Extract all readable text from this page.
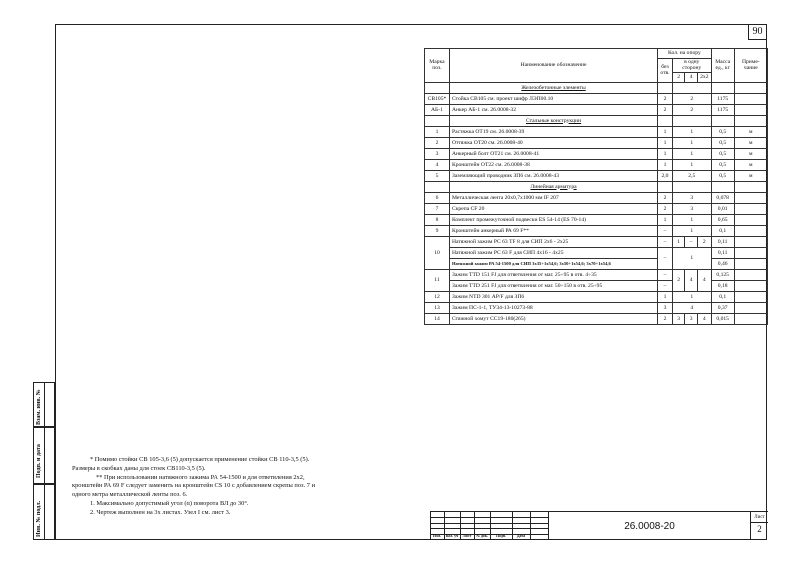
90
Взам. инв. №
Подп. и дата
Инв. № подл.
Марка поз.	Наименование обозначение	Кол. на опору				Масса ед., кг	Приме-чание
		без отв.	в одну сторону				
			2	4	2х2		
	Железобетонные элементы						
СВ105*	Стойка СВ105 см. проект шифр ЛЭП00.10	2	2			1175	
АБ-1	Анкер АБ-1 см. 26.0008-32	2	2			1175	
	Стальные конструкции						
1	Растяжка ОТ19 см. 26.0008-39	1	1			0,5	м
2	Оттяжка ОТ20 см. 26.0008-40	1	1			0,5	м
3	Анкерный болт ОТ21 см. 26.0008-41	1	1			0,5	м
4	Кронштейн ОТ22 см. 26.0008-38	1	1			0,5	м
5	Заземляющий проводник ЗП6 см. 26.0008-43	2,0	2,5			0,5	м
	Линейная арматура						
6	Металлическая лента 20х0,7х1000 мм IF 207	2	3			0,078	
7	Скрепа СF 20	2	3			0,01	
8	Комплект промежуточной подвески ES 54-14 (ES 70-14)	1	1			0,65	
9	Кронштейн анкерный РА 69 F**	–	1			0,1	
10	Натяжной зажим РС 63 TF 8 для СИП 2х6 - 2х25	–	1	–	2	0,11	
	Натяжной зажим РС 63 F для СИП 4х16 - 4х25	–	1			0,11	
	Натяжной зажим РА 54-1500 для СИП 3х35+1х54,6; 3х50+1х54,6; 3х70+1х54,6					0,46	
11	Зажим ТТD 151 FJ для ответвления от маг. 25÷95 в отв. 4÷35	–	2	4	4	0,125	
	Зажим ТТD 251 FJ для ответвления от маг. 50÷150 в отв. 25÷95	–				0,18	
12	Зажим NTD 301 АР/F для ЗП6	1	1			0,1	
13	Зажим ПС-1-1, ТУ34-13-10273-88	3	4			0,37	
14	Стяжной хомут СС19-180(265)	2	3	3	4	0,015	

* Помимо стойки СВ 105-3,6 (5) допускается применение стойки СВ 110-3,5 (5).

Размеры в скобках даны для стоек СВ110-3,5 (5).

** При использовании натяжного зажима РА 54-1500 и для ответвления 2х2,

кронштейн РА 69 F следует заменить на кронштейн СS 10 с добавлением скрепы поз. 7 и

одного метра металлической ленты поз. 6.

1. Максимально допустимый угол (α) поворота ВЛ до 30°.

2. Чертеж выполнен на 3х листах. Узел I см. лист 3.

Изм.	Кол. уч	Лист	№ док.	Подп.	Дата
26.0008-20
Лист
2
